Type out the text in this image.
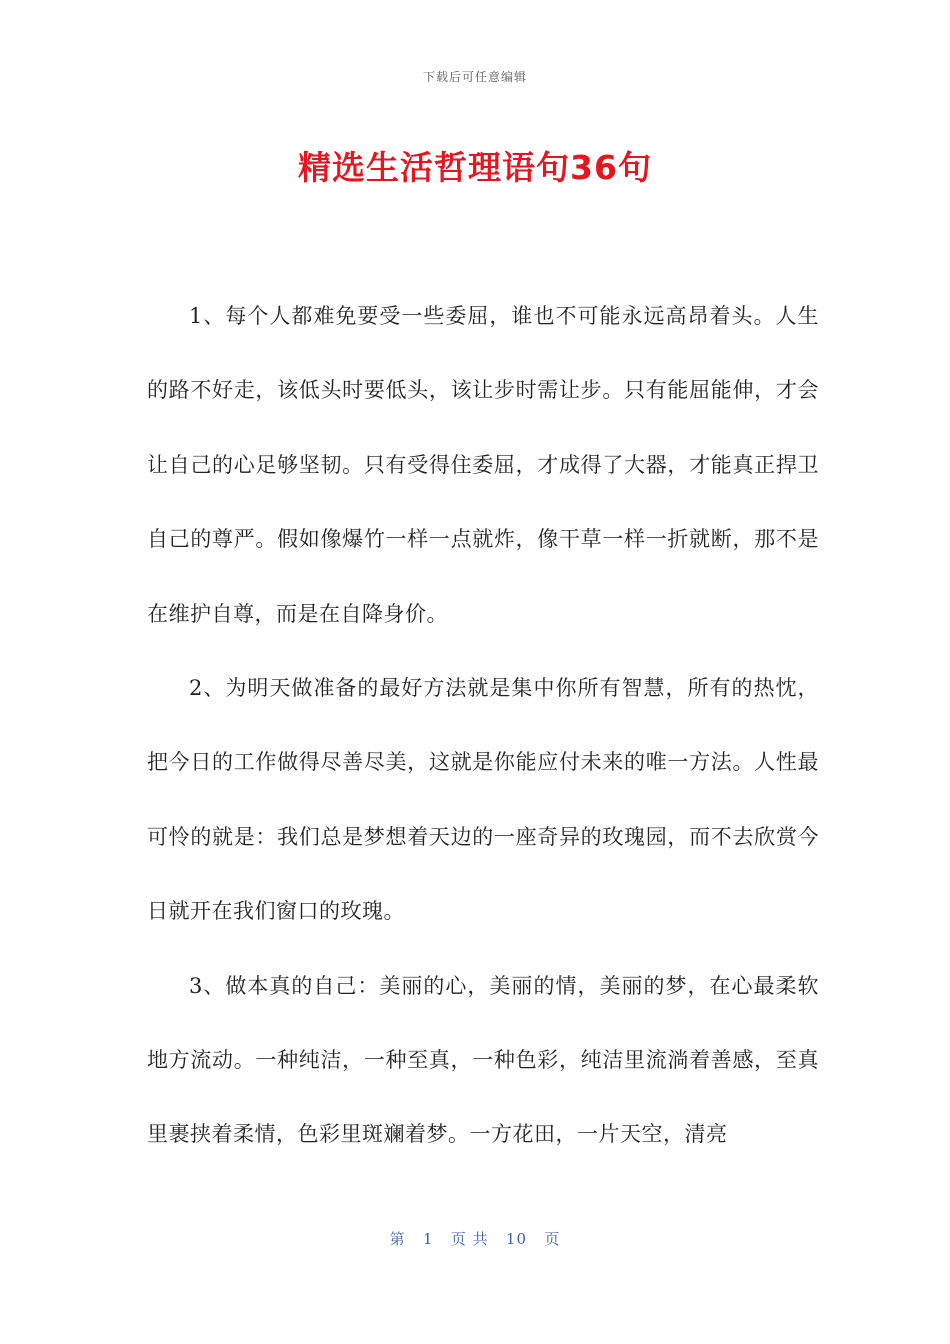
下载后可任意编辑
精选生活哲理语句36句

1、每个人都难免要受一些委屈，谁也不可能永远高昂着头。人生的路不好走，该低头时要低头，该让步时需让步。只有能屈能伸，才会让自己的心足够坚韧。只有受得住委屈，才成得了大器，才能真正捍卫自己的尊严。假如像爆竹一样一点就炸，像干草一样一折就断，那不是在维护自尊，而是在自降身价。

2、为明天做准备的最好方法就是集中你所有智慧，所有的热忱，把今日的工作做得尽善尽美，这就是你能应付未来的唯一方法。人性最可怜的就是：我们总是梦想着天边的一座奇异的玫瑰园，而不去欣赏今日就开在我们窗口的玫瑰。

3、做本真的自己：美丽的心，美丽的情，美丽的梦，在心最柔软地方流动。一种纯洁，一种至真，一种色彩，纯洁里流淌着善感，至真里裹挟着柔情，色彩里斑斓着梦。一方花田，一片天空，清亮

第 1 页 共 10 页
